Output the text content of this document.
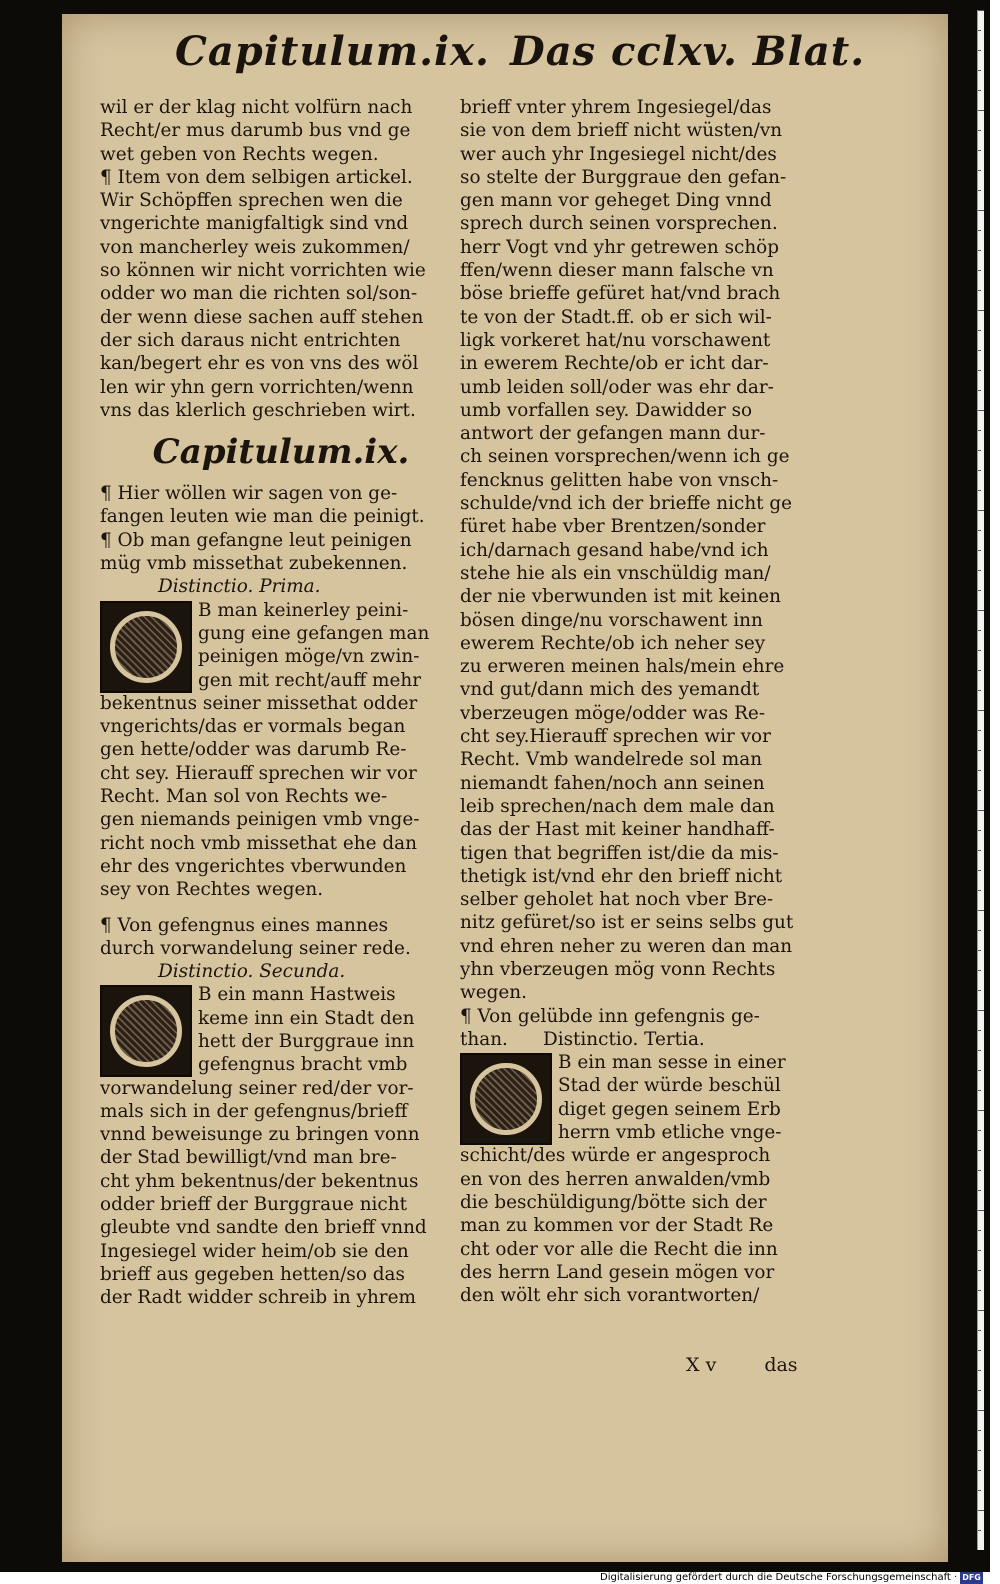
Capitulum.ix. Das cclxv. Blat.
wil er der klag nicht volfürn nach
Recht/er mus darumb bus vnd ge
wet geben von Rechts wegen.
¶ Item von dem selbigen artickel.
Wir Schöpffen sprechen wen die
vngerichte manigfaltigk sind vnd
von mancherley weis zukommen/
so können wir nicht vorrichten wie
odder wo man die richten sol/son-
der wenn diese sachen auff stehen
der sich daraus nicht entrichten
kan/begert ehr es von vns des wöl
len wir yhn gern vorrichten/wenn
vns das klerlich geschrieben wirt.
Capitulum.ix.
¶ Hier wöllen wir sagen von ge-
fangen leuten wie man die peinigt.
¶ Ob man gefangne leut peinigen
müg vmb missethat zubekennen.
Distinctio. Prima.
B man keinerley peini-
gung eine gefangen man
peinigen möge/vn zwin-
gen mit recht/auff mehr
bekentnus seiner missethat odder
vngerichts/das er vormals began
gen hette/odder was darumb Re-
cht sey. Hierauff sprechen wir vor
Recht. Man sol von Rechts we-
gen niemands peinigen vmb vnge-
richt noch vmb missethat ehe dan
ehr des vngerichtes vberwunden
sey von Rechtes wegen.
¶ Von gefengnus eines mannes
durch vorwandelung seiner rede.
Distinctio. Secunda.
B ein mann Hastweis
keme inn ein Stadt den
hett der Burggraue inn
gefengnus bracht vmb
vorwandelung seiner red/der vor-
mals sich in der gefengnus/brieff
vnnd beweisunge zu bringen vonn
der Stad bewilligt/vnd man bre-
cht yhm bekentnus/der bekentnus
odder brieff der Burggraue nicht
gleubte vnd sandte den brieff vnnd
Ingesiegel wider heim/ob sie den
brieff aus gegeben hetten/so das
der Radt widder schreib in yhrem
brieff vnter yhrem Ingesiegel/das
sie von dem brieff nicht wüsten/vn
wer auch yhr Ingesiegel nicht/des
so stelte der Burggraue den gefan-
gen mann vor geheget Ding vnnd
sprech durch seinen vorsprechen.
herr Vogt vnd yhr getrewen schöp
ffen/wenn dieser mann falsche vn
böse brieffe gefüret hat/vnd brach
te von der Stadt.ff. ob er sich wil-
ligk vorkeret hat/nu vorschawent
in ewerem Rechte/ob er icht dar-
umb leiden soll/oder was ehr dar-
umb vorfallen sey. Dawidder so
antwort der gefangen mann dur-
ch seinen vorsprechen/wenn ich ge
fencknus gelitten habe von vnsch-
schulde/vnd ich der brieffe nicht ge
füret habe vber Brentzen/sonder
ich/darnach gesand habe/vnd ich
stehe hie als ein vnschüldig man/
der nie vberwunden ist mit keinen
bösen dinge/nu vorschawent inn
ewerem Rechte/ob ich neher sey
zu erweren meinen hals/mein ehre
vnd gut/dann mich des yemandt
vberzeugen möge/odder was Re-
cht sey.Hierauff sprechen wir vor
Recht. Vmb wandelrede sol man
niemandt fahen/noch ann seinen
leib sprechen/nach dem male dan
das der Hast mit keiner handhaff-
tigen that begriffen ist/die da mis-
thetigk ist/vnd ehr den brieff nicht
selber geholet hat noch vber Bre-
nitz gefüret/so ist er seins selbs gut
vnd ehren neher zu weren dan man
yhn vberzeugen mög vonn Rechts
wegen.
¶ Von gelübde inn gefengnis ge-
than.      Distinctio. Tertia.
B ein man sesse in einer
Stad der würde beschül
diget gegen seinem Erb
herrn vmb etliche vnge-
schicht/des würde er angesproch
en von des herren anwalden/vmb
die beschüldigung/bötte sich der
man zu kommen vor der Stadt Re
cht oder vor alle die Recht die inn
des herrn Land gesein mögen vor
den wölt ehr sich vorantworten/
X v	das
Digitalisierung gefördert durch die Deutsche Forschungsgemeinschaft · DFG
